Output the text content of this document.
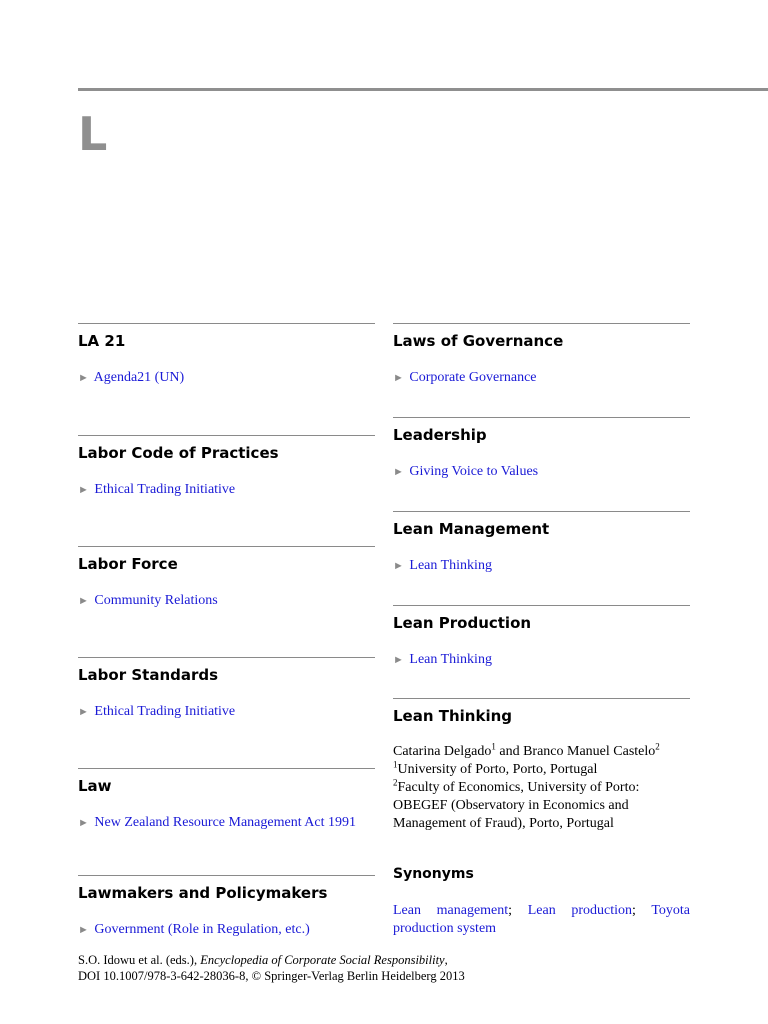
L
LA 21
► Agenda21 (UN)
Labor Code of Practices
► Ethical Trading Initiative
Labor Force
► Community Relations
Labor Standards
► Ethical Trading Initiative
Law
► New Zealand Resource Management Act 1991
Lawmakers and Policymakers
► Government (Role in Regulation, etc.)
Laws of Governance
► Corporate Governance
Leadership
► Giving Voice to Values
Lean Management
► Lean Thinking
Lean Production
► Lean Thinking
Lean Thinking
Catarina Delgado$^1$ and Branco Manuel Castelo$^2$
$^1$University of Porto, Porto, Portugal
$^2$Faculty of Economics, University of Porto:
OBEGEF (Observatory in Economics and
Management of Fraud), Porto, Portugal
Synonyms
Lean management; Lean production; Toyota production system
S.O. Idowu et al. (eds.), Encyclopedia of Corporate Social Responsibility,
DOI 10.1007/978-3-642-28036-8, © Springer-Verlag Berlin Heidelberg 2013
